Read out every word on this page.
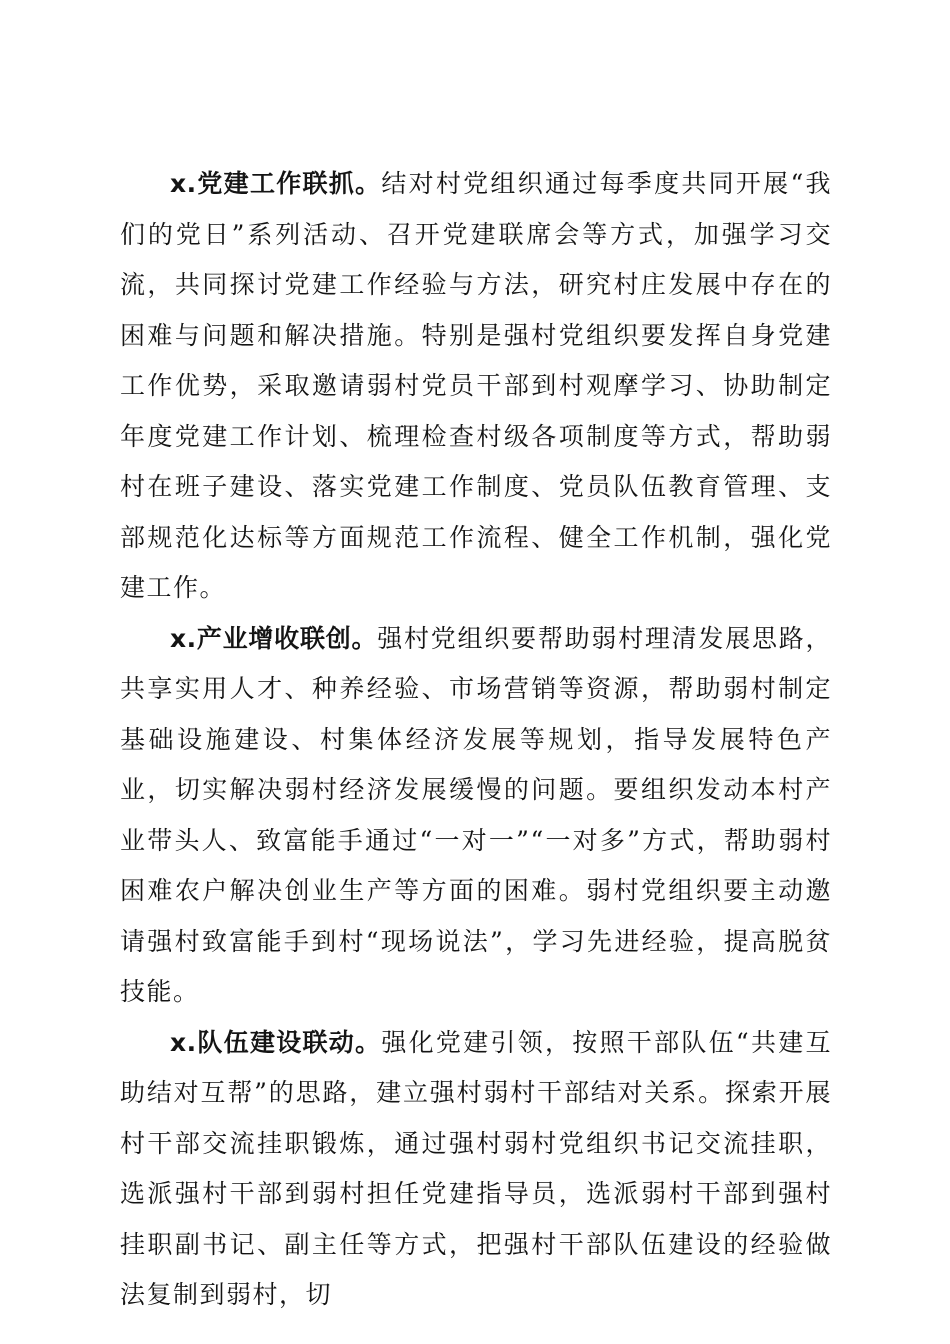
x.党建工作联抓。结对村党组织通过每季度共同开展“我们的党日”系列活动、召开党建联席会等方式，加强学习交流，共同探讨党建工作经验与方法，研究村庄发展中存在的困难与问题和解决措施。特别是强村党组织要发挥自身党建工作优势，采取邀请弱村党员干部到村观摩学习、协助制定年度党建工作计划、梳理检查村级各项制度等方式，帮助弱村在班子建设、落实党建工作制度、党员队伍教育管理、支部规范化达标等方面规范工作流程、健全工作机制，强化党建工作。

x.产业增收联创。强村党组织要帮助弱村理清发展思路，共享实用人才、种养经验、市场营销等资源，帮助弱村制定基础设施建设、村集体经济发展等规划，指导发展特色产业，切实解决弱村经济发展缓慢的问题。要组织发动本村产业带头人、致富能手通过“一对一”“一对多”方式，帮助弱村困难农户解决创业生产等方面的困难。弱村党组织要主动邀请强村致富能手到村“现场说法”，学习先进经验，提高脱贫技能。

x.队伍建设联动。强化党建引领，按照干部队伍“共建互助结对互帮”的思路，建立强村弱村干部结对关系。探索开展村干部交流挂职锻炼，通过强村弱村党组织书记交流挂职，选派强村干部到弱村担任党建指导员，选派弱村干部到强村挂职副书记、副主任等方式，把强村干部队伍建设的经验做法复制到弱村，切
